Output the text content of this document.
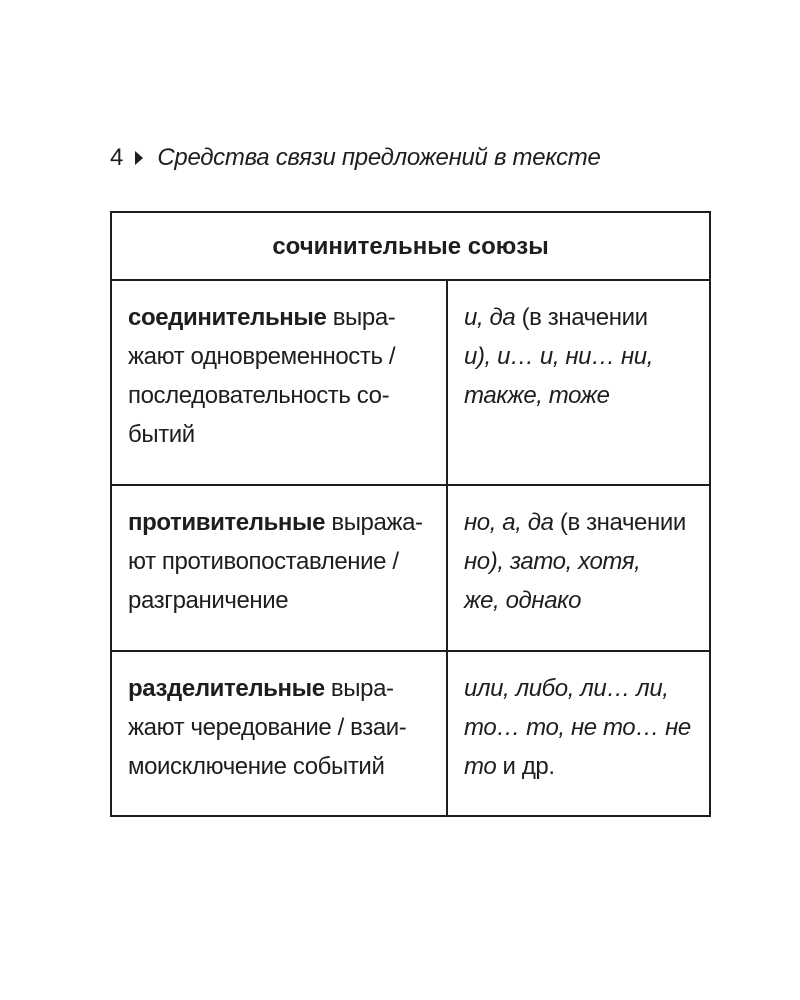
4 Средства связи предложений в тексте
сочинительные союзы	

соединительные выра-
жают одновременность /
последовательность со-
бытий	и, да (в значении
и), и… и, ни… ни,
также, тоже

противительные выража-
ют противопоставление /
разграничение	но, а, да (в значении
но), зато, хотя,
же, однако

разделительные выра-
жают чередование / взаи-
моисключение событий	или, либо, ли… ли,
то… то, не то… не
то и др.
